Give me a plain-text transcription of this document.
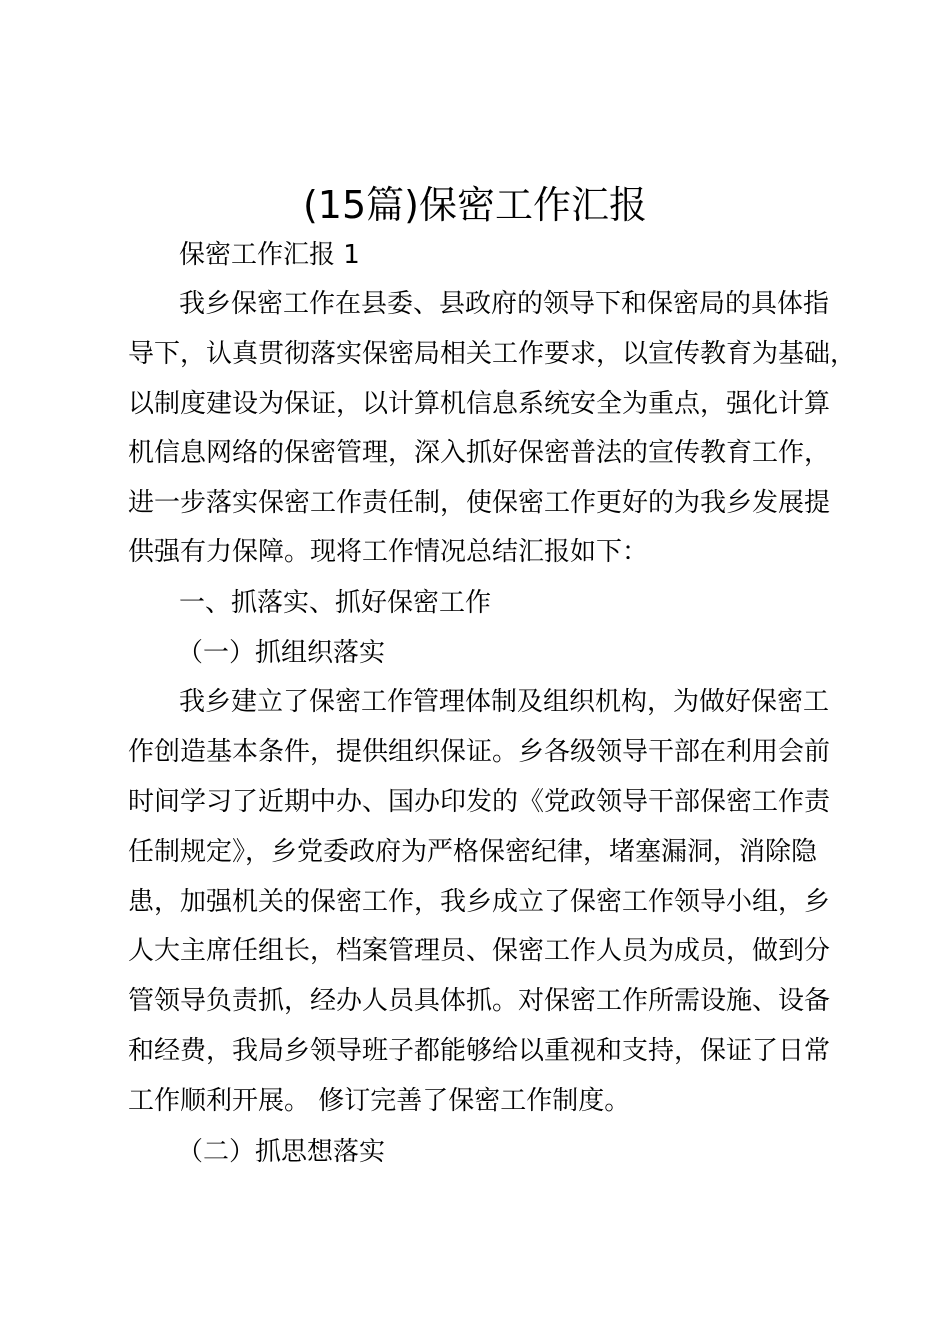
(15篇)保密工作汇报
保密工作汇报 1
我乡保密工作在县委、县政府的领导下和保密局的具体指
导下，认真贯彻落实保密局相关工作要求，以宣传教育为基础，
以制度建设为保证，以计算机信息系统安全为重点，强化计算
机信息网络的保密管理，深入抓好保密普法的宣传教育工作，
进一步落实保密工作责任制，使保密工作更好的为我乡发展提
供强有力保障。现将工作情况总结汇报如下：
一、抓落实、抓好保密工作
（一）抓组织落实
我乡建立了保密工作管理体制及组织机构，为做好保密工
作创造基本条件，提供组织保证。乡各级领导干部在利用会前
时间学习了近期中办、国办印发的《党政领导干部保密工作责
任制规定》，乡党委政府为严格保密纪律，堵塞漏洞，消除隐
患，加强机关的保密工作，我乡成立了保密工作领导小组，乡
人大主席任组长，档案管理员、保密工作人员为成员，做到分
管领导负责抓，经办人员具体抓。对保密工作所需设施、设备
和经费，我局乡领导班子都能够给以重视和支持，保证了日常
工作顺利开展。 修订完善了保密工作制度。
（二）抓思想落实
